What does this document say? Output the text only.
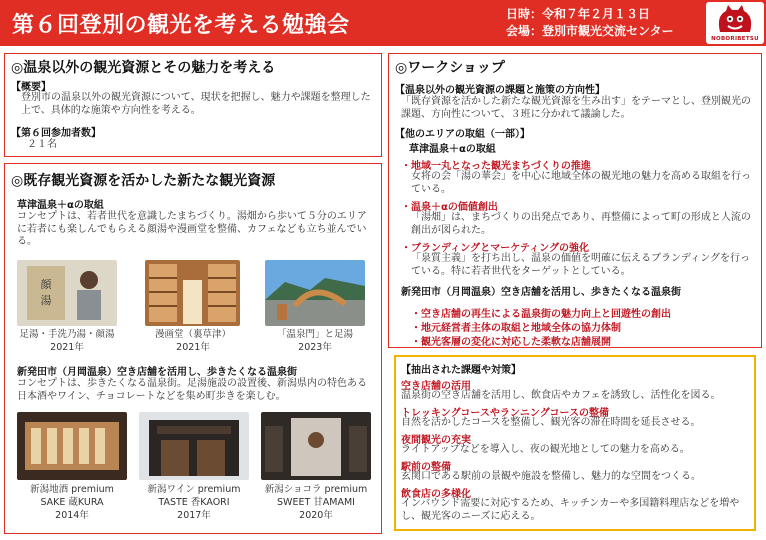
第６回登別の観光を考える勉強会	日時：令和７年２月１３日
会場：登別市観光交流センター
NOBORIBETSU
◎温泉以外の観光資源とその魅力を考える
【概要】
登別市の温泉以外の観光資源について、現状を把握し、魅力や課題を整理した上で、具体的な施策や方向性を考える。
【第６回参加者数】
２１名
◎既存観光資源を活かした新たな観光資源
草津温泉＋αの取組
コンセプトは、若者世代を意識したまちづくり。湯畑から歩いて５分のエリアに若者にも楽しんでもらえる顔湯や漫画堂を整備、カフェなども立ち並んでいる。
顔
湯
足湯・手洗乃湯・顔湯
2021年
漫画堂（裏草津）
2021年
「温泉門」と足湯
2023年
新発田市（月岡温泉）空き店舗を活用し、歩きたくなる温泉街
コンセプトは、歩きたくなる温泉街。足湯施設の設置後、新潟県内の特色ある日本酒やワイン、チョコレートなどを集め町歩きを楽しむ。
新潟地酒 premium
SAKE 蔵KURA
2014年
新潟ワイン premium
TASTE 香KAORI
2017年
新潟ショコラ premium
SWEET 甘AMAMI
2020年
◎ワークショップ
【温泉以外の観光資源の課題と施策の方向性】
「既存資源を活かした新たな観光資源を生み出す」をテーマとし、登別観光の課題、方向性について、３班に分かれて議論した。
【他のエリアの取組（一部）】
草津温泉＋αの取組
・地域一丸となった観光まちづくりの推進
女将の会「湯の華会」を中心に地域全体の観光地の魅力を高める取組を行っている。
・温泉＋αの価値創出
「湯畑」は、まちづくりの出発点であり、再整備によって町の形成と人流の創出が図られた。
・ブランディングとマーケティングの強化
「泉質主義」を打ち出し、温泉の価値を明確に伝えるブランディングを行っている。特に若者世代をターゲットとしている。
新発田市（月岡温泉）空き店舗を活用し、歩きたくなる温泉街
・空き店舗の再生による温泉街の魅力向上と回遊性の創出
・地元経営者主体の取組と地域全体の協力体制
・観光客層の変化に対応した柔軟な店舗展開
【抽出された課題や対策】
空き店舗の活用
温泉街の空き店舗を活用し、飲食店やカフェを誘致し、活性化を図る。
トレッキングコースやランニングコースの整備
自然を活かしたコースを整備し、観光客の滞在時間を延長させる。
夜間観光の充実
ライトアップなどを導入し、夜の観光地としての魅力を高める。
駅前の整備
玄関口である駅前の景観や施設を整備し、魅力的な空間をつくる。
飲食店の多様化
インバウンド需要に対応するため、キッチンカーや多国籍料理店などを増やし、観光客のニーズに応える。
